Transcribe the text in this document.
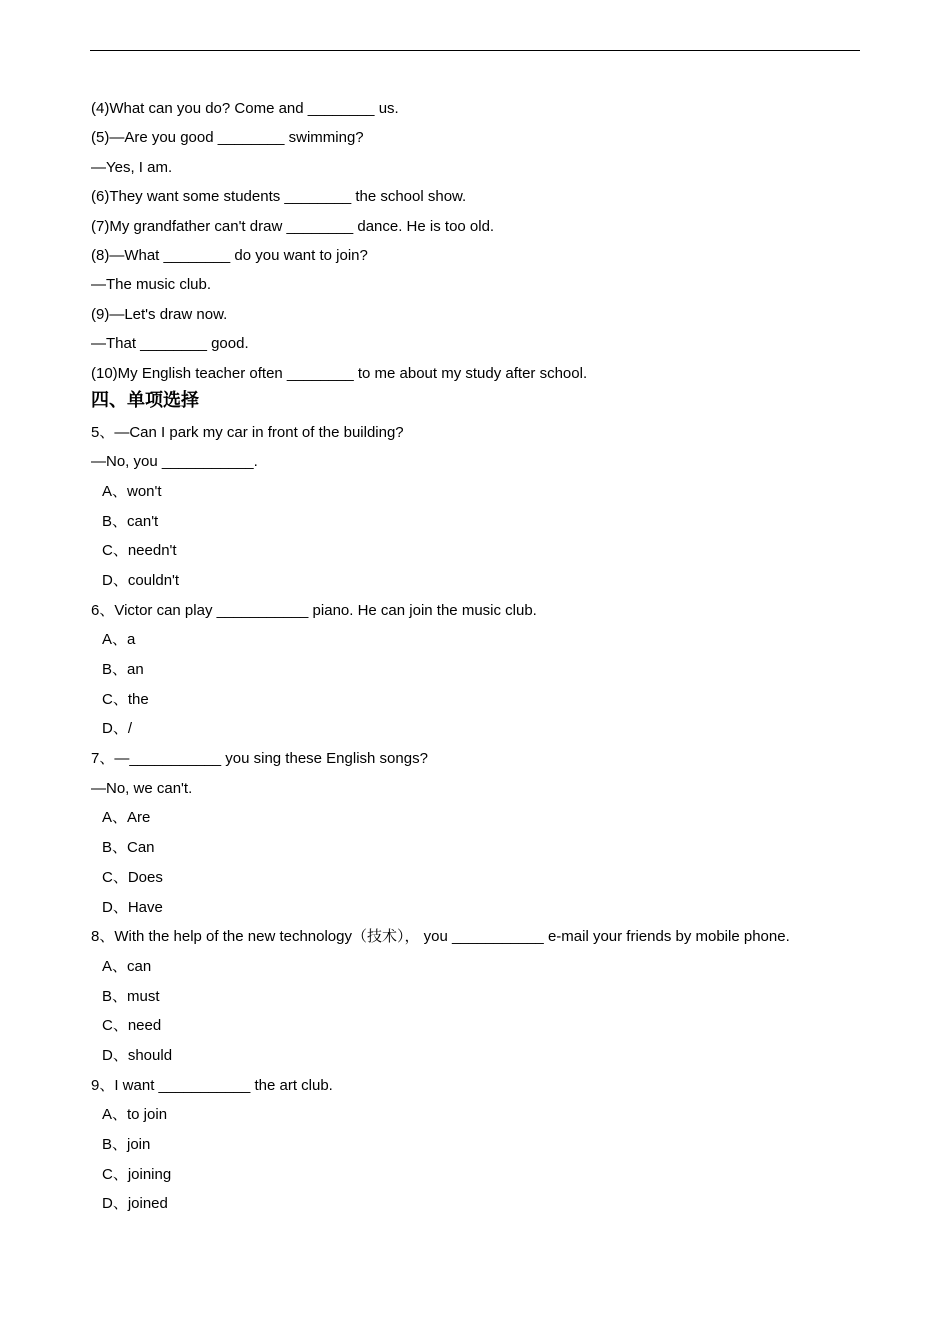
(4)What can you do? Come and ________ us.
(5)—Are you good ________ swimming?
—Yes, I am.
(6)They want some students ________ the school show.
(7)My grandfather can't draw ________ dance. He is too old.
(8)—What ________ do you want to join?
—The music club.
(9)—Let's draw now.
—That ________ good.
(10)My English teacher often ________ to me about my study after school.
四、单项选择
5、—Can I park my car in front of the building?
—No, you ___________.
A、won't
B、can't
C、needn't
D、couldn't
6、Victor can play ___________ piano. He can join the music club.
A、a
B、an
C、the
D、/
7、—___________ you sing these English songs?
—No, we can't.
A、Are
B、Can
C、Does
D、Have
8、With the help of the new technology（技术）， you ___________ e-mail your friends by mobile phone.
A、can
B、must
C、need
D、should
9、I want ___________ the art club.
A、to join
B、join
C、joining
D、joined
